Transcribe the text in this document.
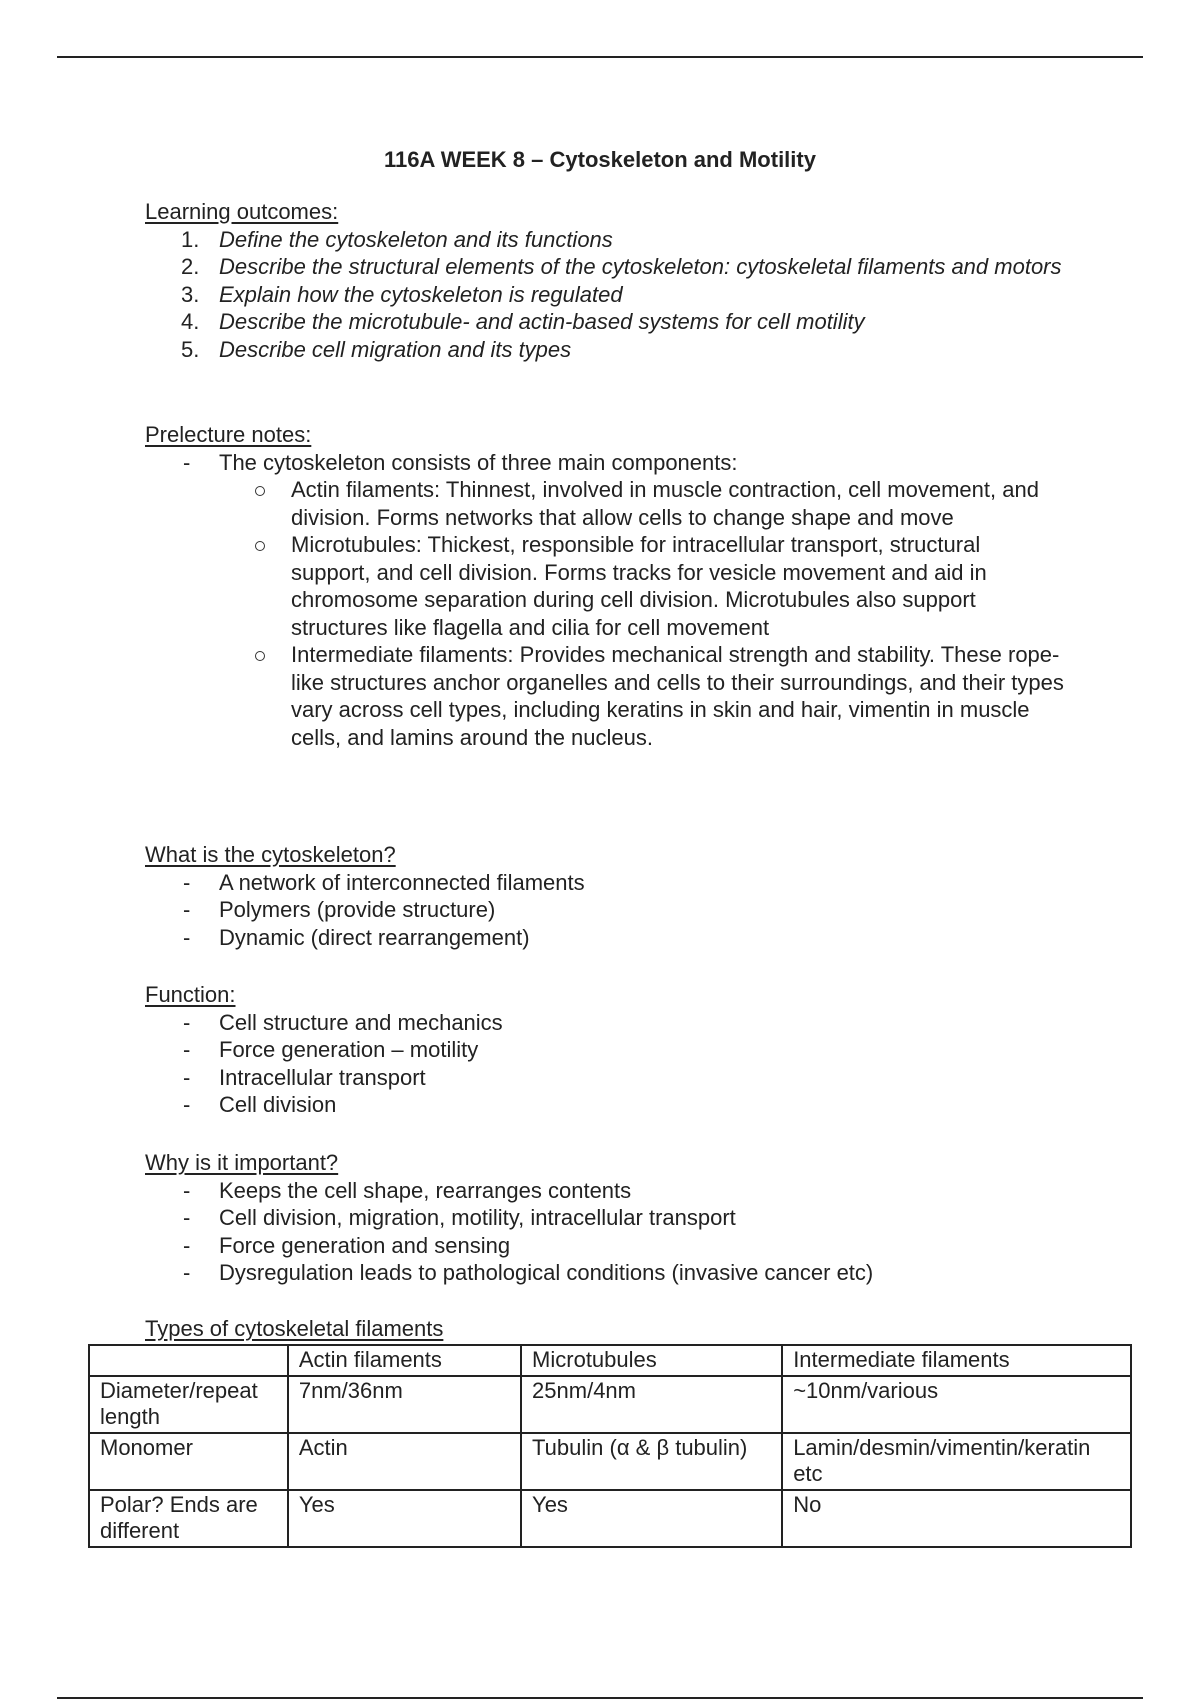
116A WEEK 8 – Cytoskeleton and Motility

Learning outcomes:

1. Define the cytoskeleton and its functions
2. Describe the structural elements of the cytoskeleton: cytoskeletal filaments and motors
3. Explain how the cytoskeleton is regulated
4. Describe the microtubule- and actin-based systems for cell motility
5. Describe cell migration and its types

Prelecture notes:

- The cytoskeleton consists of three main components:
Actin filaments: Thinnest, involved in muscle contraction, cell movement, and division. Forms networks that allow cells to change shape and move
Microtubules: Thickest, responsible for intracellular transport, structural support, and cell division. Forms tracks for vesicle movement and aid in chromosome separation during cell division. Microtubules also support structures like flagella and cilia for cell movement
Intermediate filaments: Provides mechanical strength and stability. These rope-like structures anchor organelles and cells to their surroundings, and their types vary across cell types, including keratins in skin and hair, vimentin in muscle cells, and lamins around the nucleus.

What is the cytoskeleton?

- A network of interconnected filaments
- Polymers (provide structure)
- Dynamic (direct rearrangement)

Function:

- Cell structure and mechanics
- Force generation – motility
- Intracellular transport
- Cell division

Why is it important?

- Keeps the cell shape, rearranges contents
- Cell division, migration, motility, intracellular transport
- Force generation and sensing
- Dysregulation leads to pathological conditions (invasive cancer etc)

Types of cytoskeletal filaments

	Actin filaments	Microtubules	Intermediate filaments
Diameter/repeat length	7nm/36nm	25nm/4nm	~10nm/various
Monomer	Actin	Tubulin (α & β tubulin)	Lamin/desmin/vimentin/keratin etc
Polar? Ends are different	Yes	Yes	No
